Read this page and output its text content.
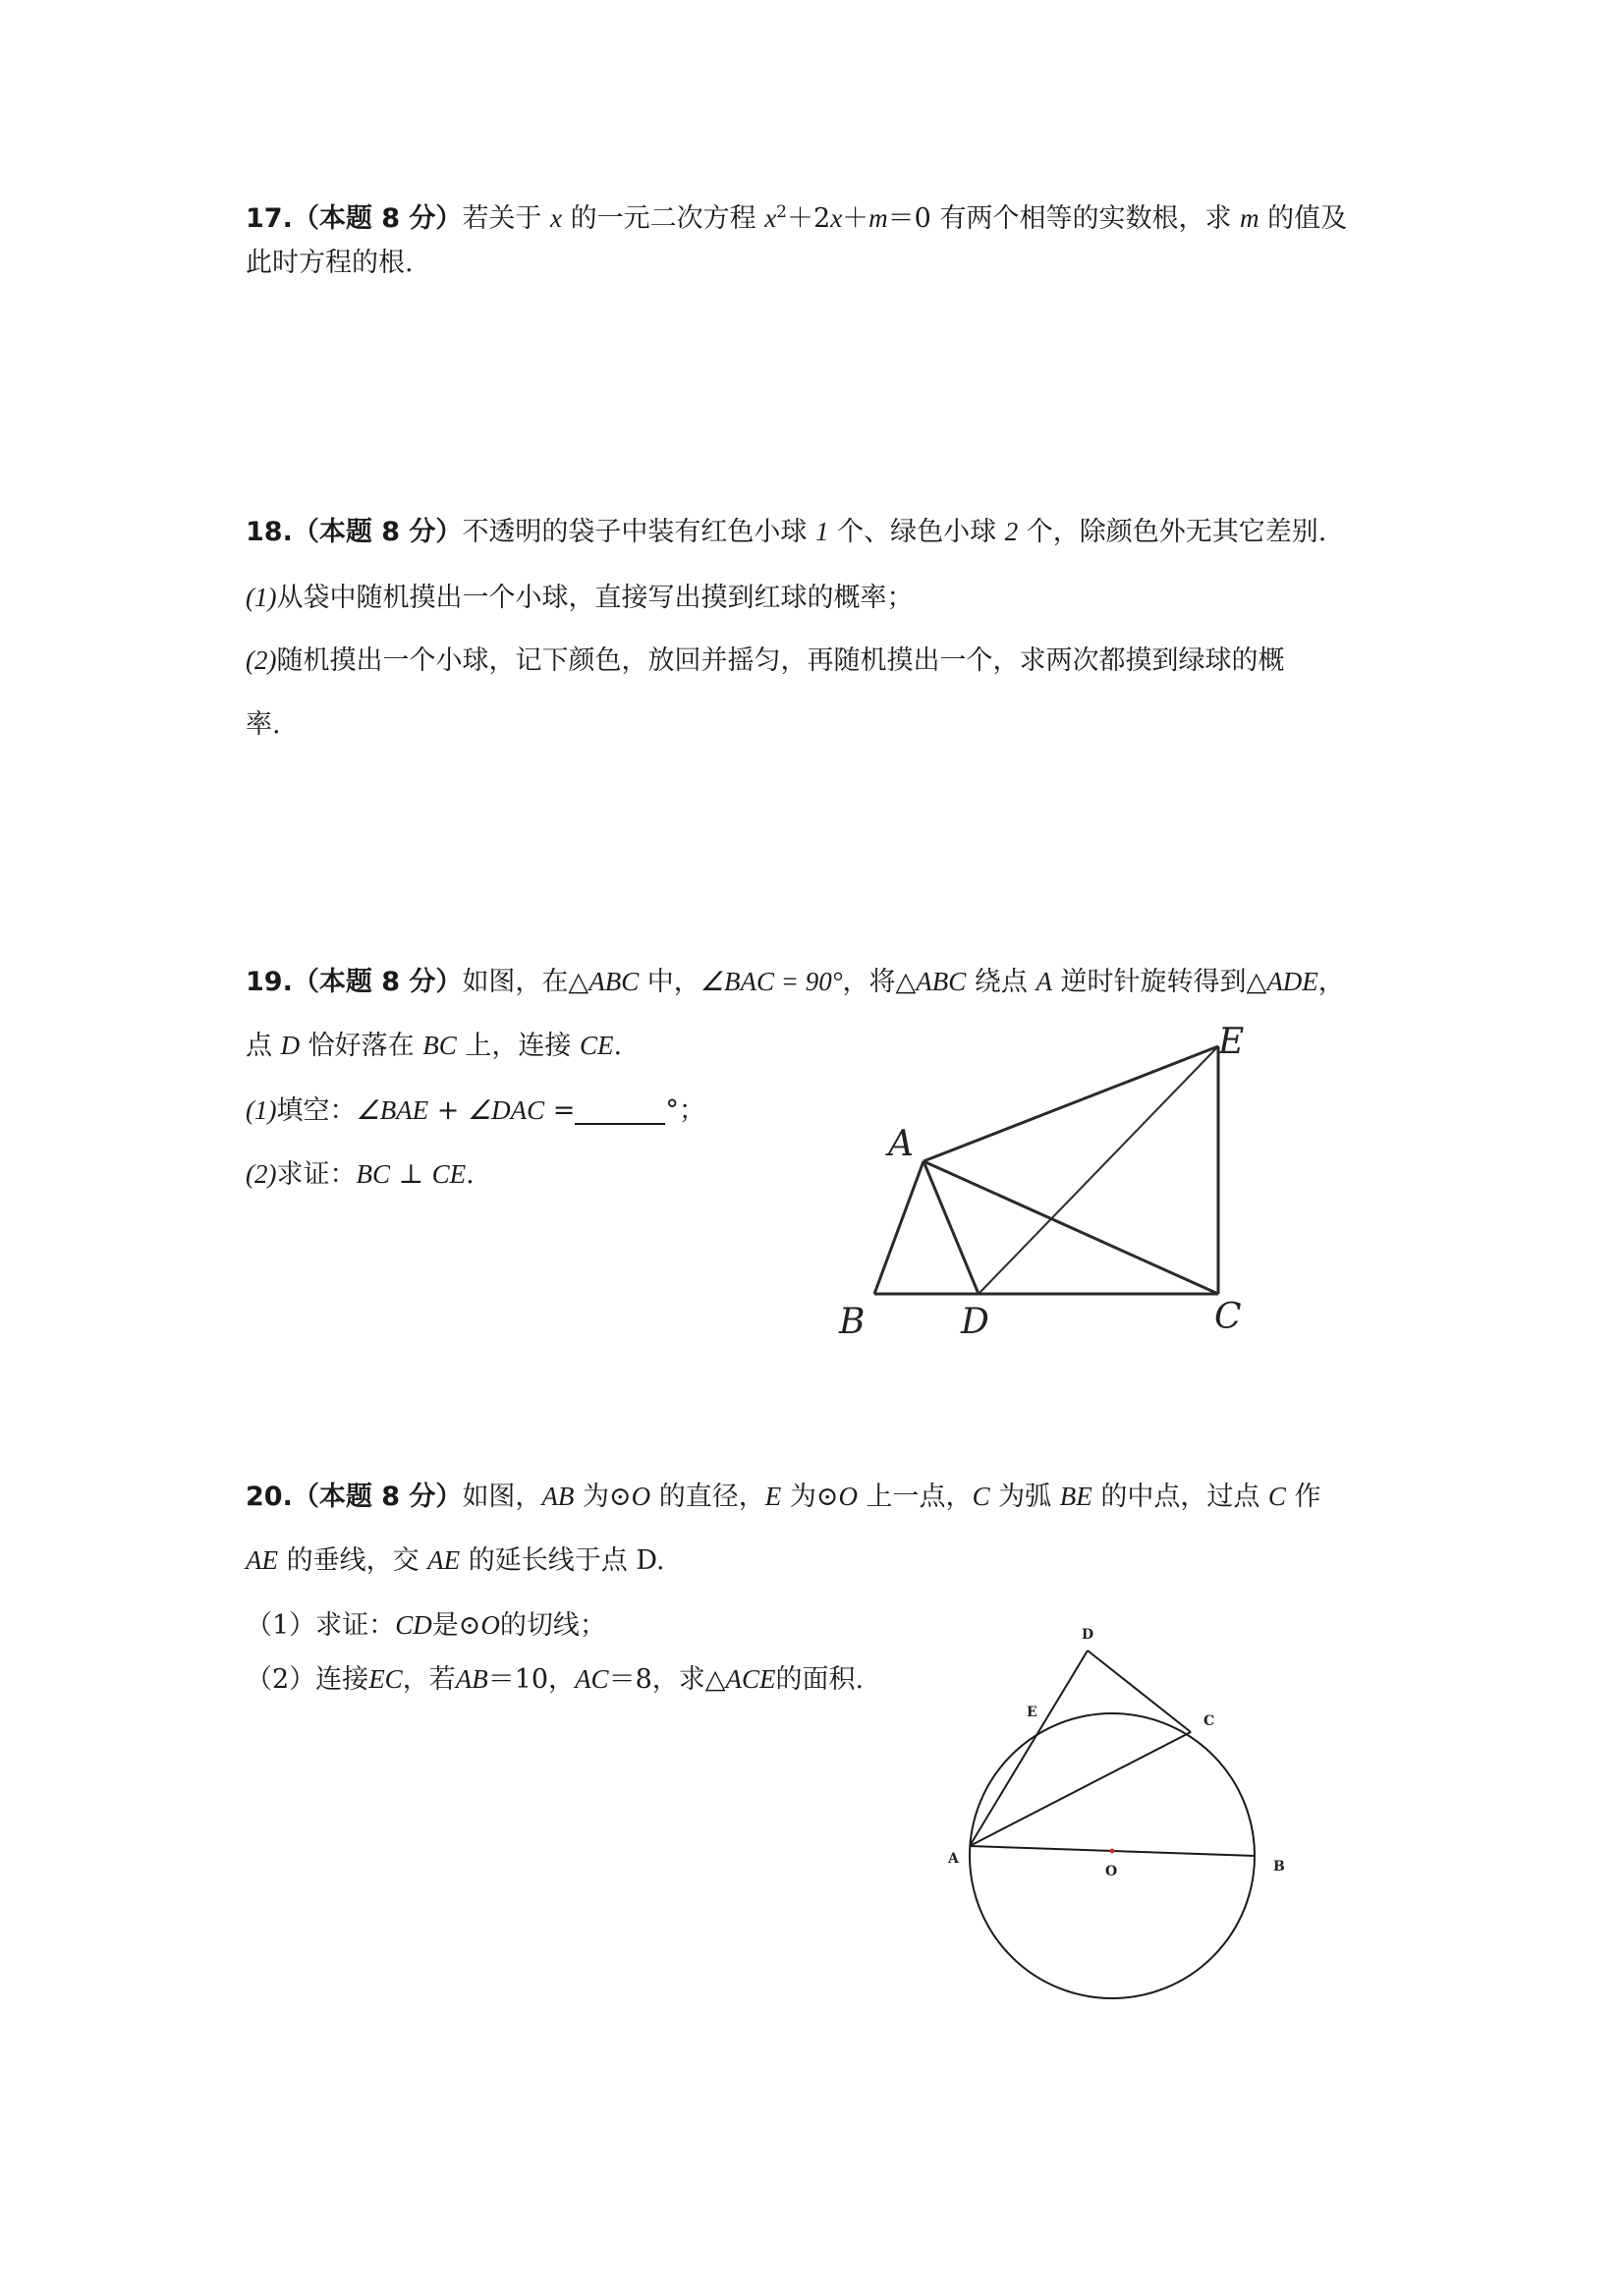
17.（本题 8 分）若关于 x 的一元二次方程 $x^2+2x+m=0$ 有两个相等的实数根，求 m 的值及
此时方程的根.
18.（本题 8 分）不透明的袋子中装有红色小球 1 个、绿色小球 2 个，除颜色外无其它差别.
(1)从袋中随机摸出一个小球，直接写出摸到红球的概率；
(2)随机摸出一个小球，记下颜色，放回并摇匀，再随机摸出一个，求两次都摸到绿球的概
率.
19.（本题 8 分）如图，在△ABC 中，∠BAC = 90°，将△ABC 绕点 A 逆时针旋转得到△ADE，
点 D 恰好落在 BC 上，连接 CE.
(1)填空：∠BAE + ∠DAC =	°；
(2)求证：BC ⊥ CE.
A
B	D	C
E
20.（本题 8 分）如图，AB 为⊙O 的直径，E 为⊙O 上一点，C 为弧 BE 的中点，过点 C 作
AE 的垂线，交 AE 的延长线于点 D.
（1）求证：CD是⊙O的切线；
（2）连接EC，若AB＝10，AC＝8，求△ACE的面积.
D
E
C
A
O	B
